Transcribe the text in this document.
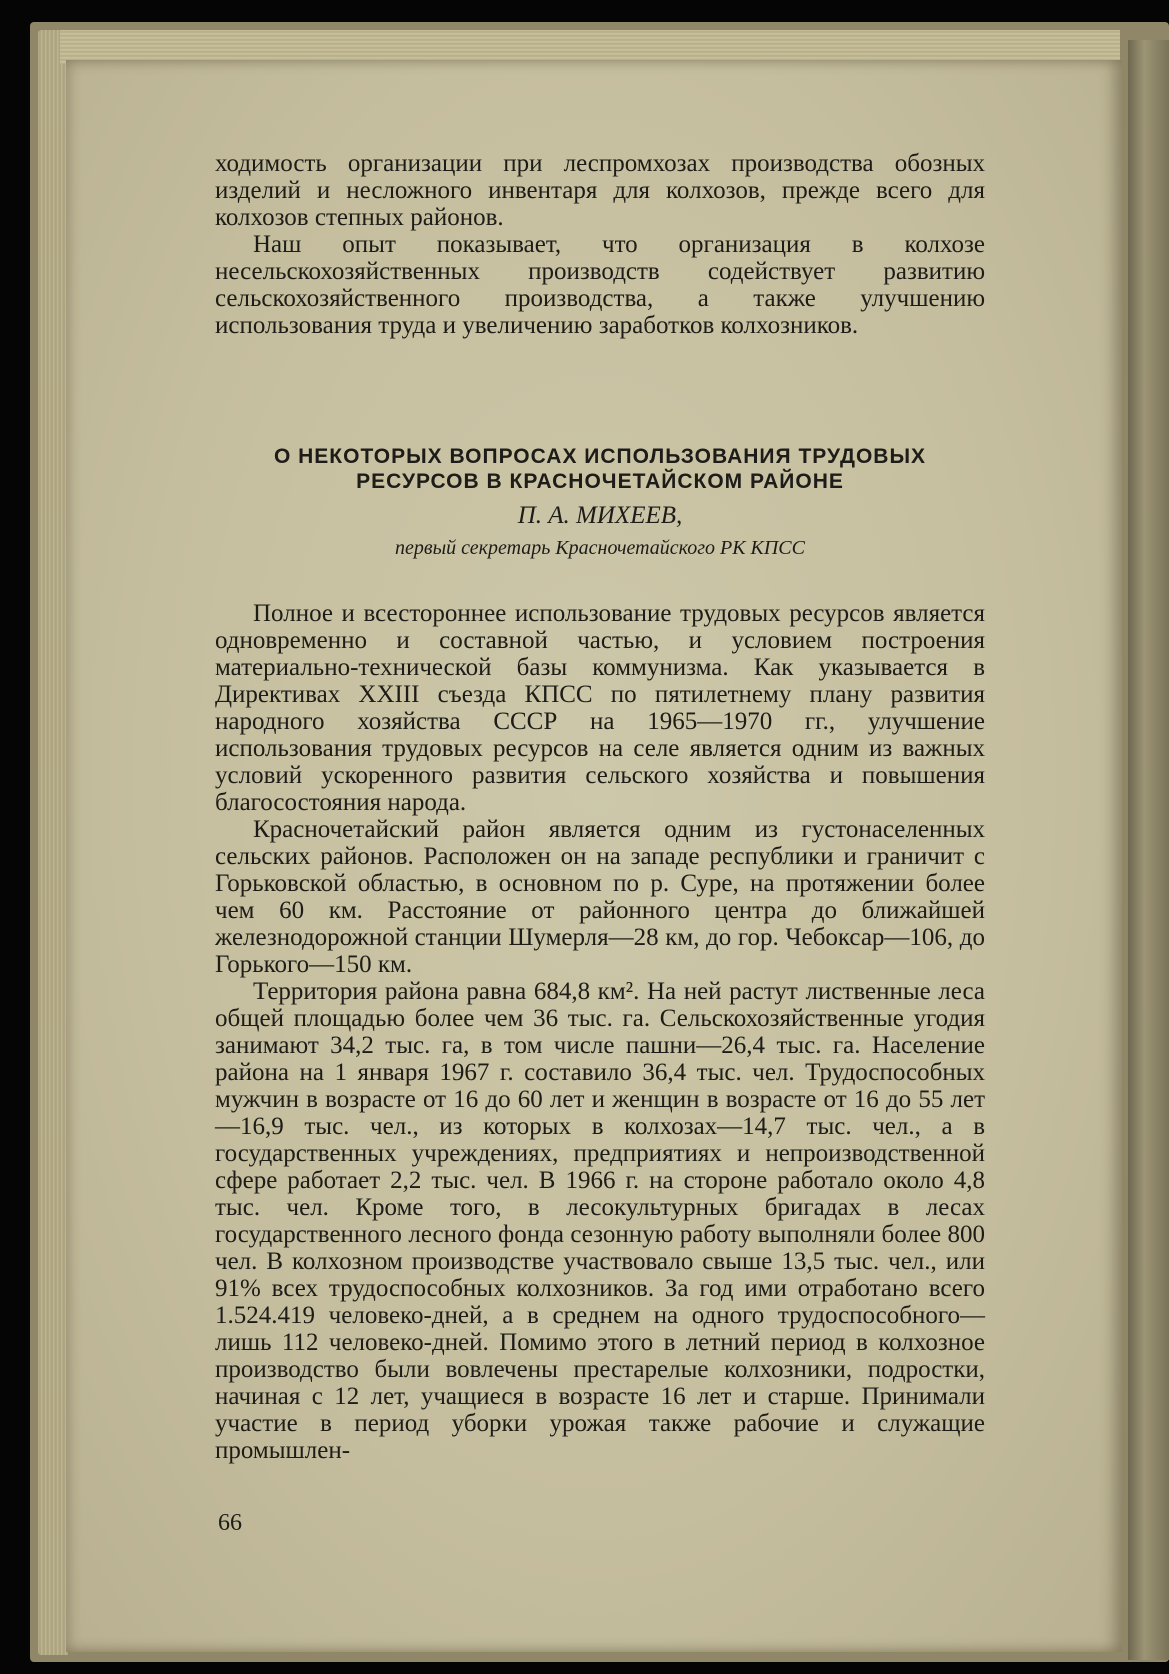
ходимость организации при леспромхозах производства обозных изделий и несложного инвентаря для колхозов, прежде всего для колхозов степных районов.

Наш опыт показывает, что организация в колхозе несельскохозяйственных производств содействует развитию сельскохозяйственного производства, а также улучшению использования труда и увеличению заработков колхозников.

О НЕКОТОРЫХ ВОПРОСАХ ИСПОЛЬЗОВАНИЯ ТРУДОВЫХ
РЕСУРСОВ В КРАСНОЧЕТАЙСКОМ РАЙОНЕ
П. А. МИХЕЕВ,
первый секретарь Красночетайского РК КПСС

Полное и всестороннее использование трудовых ресурсов является одновременно и составной частью, и условием построения материально-технической базы коммунизма. Как указывается в Директивах XXIII съезда КПСС по пятилетнему плану развития народного хозяйства СССР на 1965—1970 гг., улучшение использования трудовых ресурсов на селе является одним из важных условий ускоренного развития сельского хозяйства и повышения благосостояния народа.

Красночетайский район является одним из густонаселенных сельских районов. Расположен он на западе республики и граничит с Горьковской областью, в основном по р. Суре, на протяжении более чем 60 км. Расстояние от районного центра до ближайшей железнодорожной станции Шумерля—28 км, до гор. Чебоксар—106, до Горького—150 км.

Территория района равна 684,8 км². На ней растут лиственные леса общей площадью более чем 36 тыс. га. Сельскохозяйственные угодия занимают 34,2 тыс. га, в том числе пашни—26,4 тыс. га. Население района на 1 января 1967 г. составило 36,4 тыс. чел. Трудоспособных мужчин в возрасте от 16 до 60 лет и женщин в возрасте от 16 до 55 лет—16,9 тыс. чел., из которых в колхозах—14,7 тыс. чел., а в государственных учреждениях, предприятиях и непроизводственной сфере работает 2,2 тыс. чел. В 1966 г. на стороне работало около 4,8 тыс. чел. Кроме того, в лесокультурных бригадах в лесах государственного лесного фонда сезонную работу выполняли более 800 чел. В колхозном производстве участвовало свыше 13,5 тыс. чел., или 91% всех трудоспособных колхозников. За год ими отработано всего 1.524.419 человеко-дней, а в среднем на одного трудоспособного—лишь 112 человеко-дней. Помимо этого в летний период в колхозное производство были вовлечены престарелые колхозники, подростки, начиная с 12 лет, учащиеся в возрасте 16 лет и старше. Принимали участие в период уборки урожая также рабочие и служащие промышлен-

66
